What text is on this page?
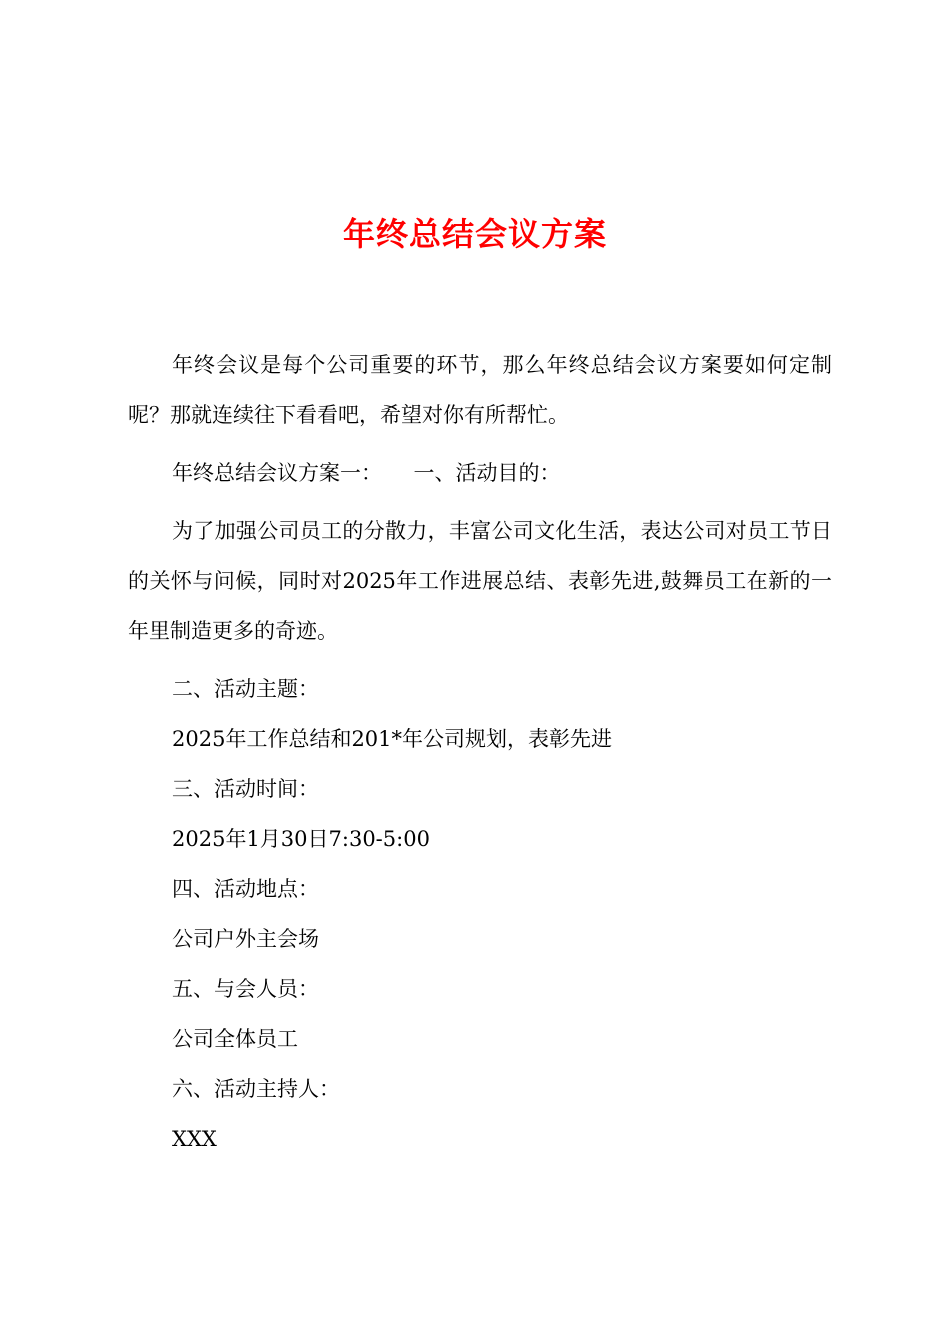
年终总结会议方案

年终会议是每个公司重要的环节，那么年终总结会议方案要如何定制呢？那就连续往下看看吧，希望对你有所帮忙。

年终总结会议方案一：　　一、活动目的：

为了加强公司员工的分散力，丰富公司文化生活，表达公司对员工节日的关怀与问候，同时对2025年工作进展总结、表彰先进,鼓舞员工在新的一年里制造更多的奇迹。

二、活动主题：

2025年工作总结和201*年公司规划，表彰先进

三、活动时间：

2025年1月30日7:30-5:00

四、活动地点：

公司户外主会场

五、与会人员：

公司全体员工

六、活动主持人：

XXX
